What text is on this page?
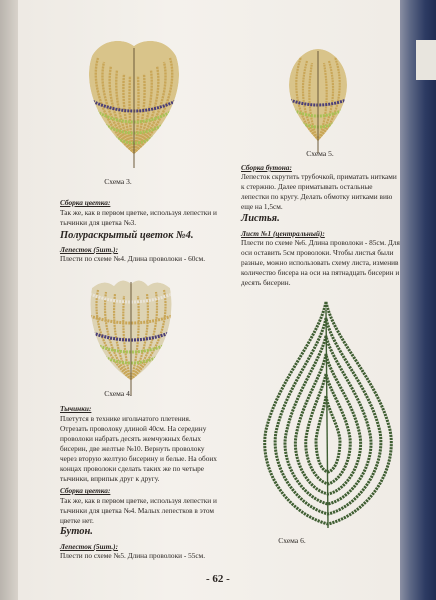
Схема 3.
Схема 5.
Сборка цветка:
Так же, как в первом цветке, используя лепестки и тычинки для цветка №3.
Полураскрытый цветок №4.
Лепесток (5шт.):
Плести по схеме №4. Длина проволоки - 60см.
Сборка бутона:
Лепесток скрутить трубочкой, приматать нитками
к стержню. Далее приматывать остальные
лепестки по кругу. Делать обмотку нитками вию
еще на 1,5см.
Листья.
Лист №1 (центральный):
Плести по схеме №6. Длина проволоки - 85см. Для
оси оставить 5см проволоки. Чтобы листья были
разные, можно использовать схему листа, изменив
количество бисера на оси на пятнадцать бисерин и
десять бисерин.
Схема 4.
Схема 6.
Тычинки:
Плетутся в технике игольчатого плетения.
Отрезать проволоку длиной 40см. На середину
проволоки набрать десять жемчужных белых
бисерин, две желтые №10. Вернуть проволоку
через вторую желтую бисерину и белые. На обоих
концах проволоки сделать таких же по четыре
тычинки, вприпык друг к другу.
Сборка цветка:
Так же, как в первом цветке, используя лепестки и
тычинки для цветка №4. Малых лепестков в этом
цветке нет.
Бутон.
Лепесток (5шт.):
Плести по схеме №5. Длина проволоки - 55см.
- 62 -
